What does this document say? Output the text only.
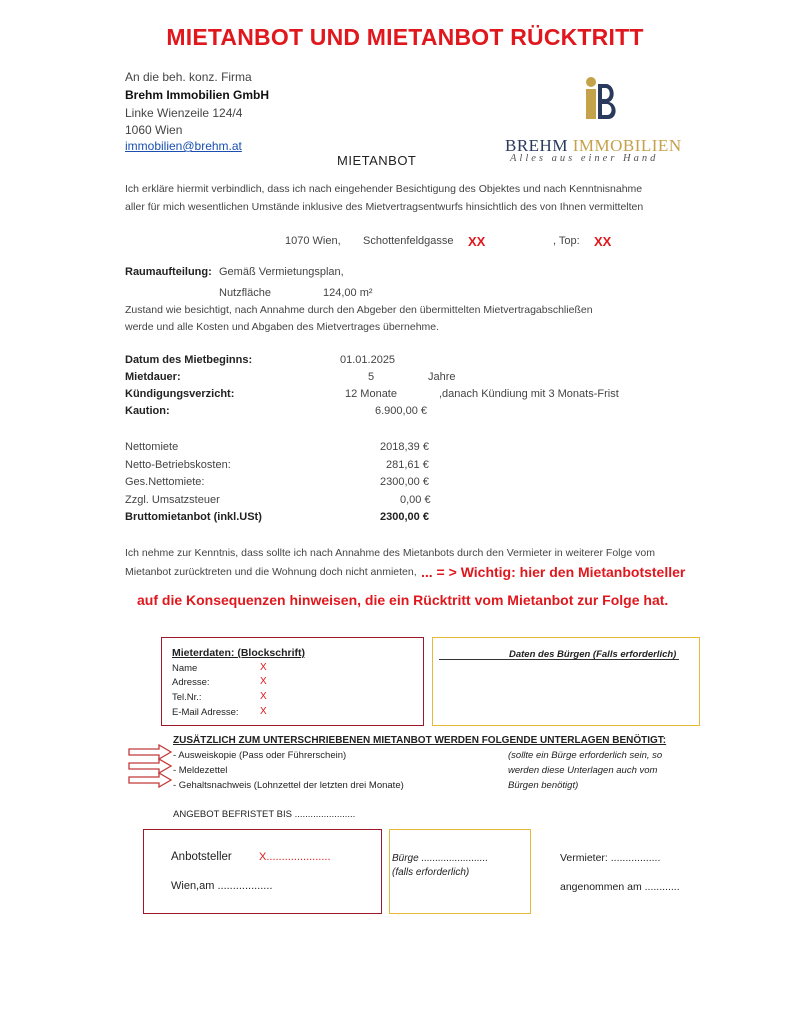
MIETANBOT UND MIETANBOT RÜCKTRITT
An die beh. konz. Firma
Brehm Immobilien GmbH
Linke Wienzeile 124/4
1060 Wien
immobilien@brehm.at	BREHM IMMOBILIEN
Alles aus einer Hand
MIETANBOT
Ich erkläre hiermit verbindlich, dass ich nach eingehender Besichtigung des Objektes und nach Kenntnisnahme
aller für mich wesentlichen Umstände inklusive des Mietvertragsentwurfs hinsichtlich des von Ihnen vermittelten
1070 Wien, Schottenfeldgasse XX	, Top: XX
Raumaufteilung: Gemäß Vermietungsplan,
Nutzfläche	124,00 m²
Zustand wie besichtigt, nach Annahme durch den Abgeber den übermittelten Mietvertragabschließen
werde und alle Kosten und Abgaben des Mietvertrages übernehme.
Datum des Mietbeginns:	01.01.2025
Mietdauer:	5	Jahre
Kündigungsverzicht:	12 Monate	,danach Kündiung mit 3 Monats-Frist
Kaution:	6.900,00 €
Nettomiete	2018,39 €
Netto-Betriebskosten:	281,61 €
Ges.Nettomiete:	2300,00 €
Zzgl. Umsatzsteuer	0,00 €
Bruttomietanbot (inkl.USt)	2300,00 €
Ich nehme zur Kenntnis, dass sollte ich nach Annahme des Mietanbots durch den Vermieter in weiterer Folge vom
Mietanbot zurücktreten und die Wohnung doch nicht anmieten, ... = > Wichtig: hier den Mietanbotsteller
auf die Konsequenzen hinweisen, die ein Rücktritt vom Mietanbot zur Folge hat.
Mieterdaten: (Blockschrift)
Name	X
Adresse:	X
Tel.Nr.:	X
E-Mail Adresse: X
Daten des Bürgen (Falls erforderlich)
ZUSÄTZLICH ZUM UNTERSCHRIEBENEN MIETANBOT WERDEN FOLGENDE UNTERLAGEN BENÖTIGT:
- Ausweiskopie (Pass oder Führerschein)
- Meldezettel
- Gehaltsnachweis (Lohnzettel der letzten drei Monate)
(sollte ein Bürge erforderlich sein, so
werden diese Unterlagen auch vom
Bürgen benötigt)
ANGEBOT BEFRISTET BIS .......................
Anbotsteller X.....................
Wien,am ..................
Bürge ........................
(falls erforderlich)
Vermieter: .................
angenommen am ............
